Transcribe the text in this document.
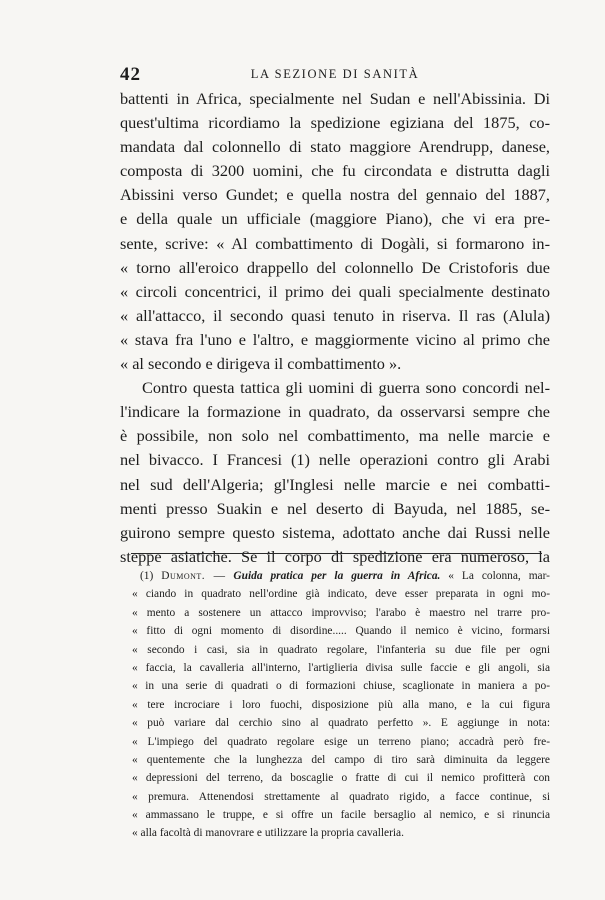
42	LA SEZIONE DI SANITÀ
battenti in Africa, specialmente nel Sudan e nell'Abissinia. Di
quest'ultima ricordiamo la spedizione egiziana del 1875, co-
mandata dal colonnello di stato maggiore Arendrupp, danese,
composta di 3200 uomini, che fu circondata e distrutta dagli
Abissini verso Gundet; e quella nostra del gennaio del 1887,
e della quale un ufficiale (maggiore Piano), che vi era pre-
sente, scrive: « Al combattimento di Dogàli, si formarono in-
« torno all'eroico drappello del colonnello De Cristoforis due
« circoli concentrici, il primo dei quali specialmente destinato
« all'attacco, il secondo quasi tenuto in riserva. Il ras (Alula)
« stava fra l'uno e l'altro, e maggiormente vicino al primo che
« al secondo e dirigeva il combattimento ».
Contro questa tattica gli uomini di guerra sono concordi nel-
l'indicare la formazione in quadrato, da osservarsi sempre che
è possibile, non solo nel combattimento, ma nelle marcie e
nel bivacco. I Francesi (1) nelle operazioni contro gli Arabi
nel sud dell'Algeria; gl'Inglesi nelle marcie e nei combatti-
menti presso Suakin e nel deserto di Bayuda, nel 1885, se-
guirono sempre questo sistema, adottato anche dai Russi nelle
steppe asiatiche. Se il corpo di spedizione era numeroso, la
(1) Dumont. — Guida pratica per la guerra in Africa. « La colonna, mar-
« ciando in quadrato nell'ordine già indicato, deve esser preparata in ogni mo-
« mento a sostenere un attacco improvviso; l'arabo è maestro nel trarre pro-
« fitto di ogni momento di disordine..... Quando il nemico è vicino, formarsi
« secondo i casi, sia in quadrato regolare, l'infanteria su due file per ogni
« faccia, la cavalleria all'interno, l'artiglieria divisa sulle faccie e gli angoli, sia
« in una serie di quadrati o di formazioni chiuse, scaglionate in maniera a po-
« tere incrociare i loro fuochi, disposizione più alla mano, e la cui figura
« può variare dal cerchio sino al quadrato perfetto ». E aggiunge in nota:
« L'impiego del quadrato regolare esige un terreno piano; accadrà però fre-
« quentemente che la lunghezza del campo di tiro sarà diminuita da leggere
« depressioni del terreno, da boscaglie o fratte di cui il nemico profitterà con
« premura. Attenendosi strettamente al quadrato rigido, a facce continue, si
« ammassano le truppe, e si offre un facile bersaglio al nemico, e si rinuncia
« alla facoltà di manovrare e utilizzare la propria cavalleria.
